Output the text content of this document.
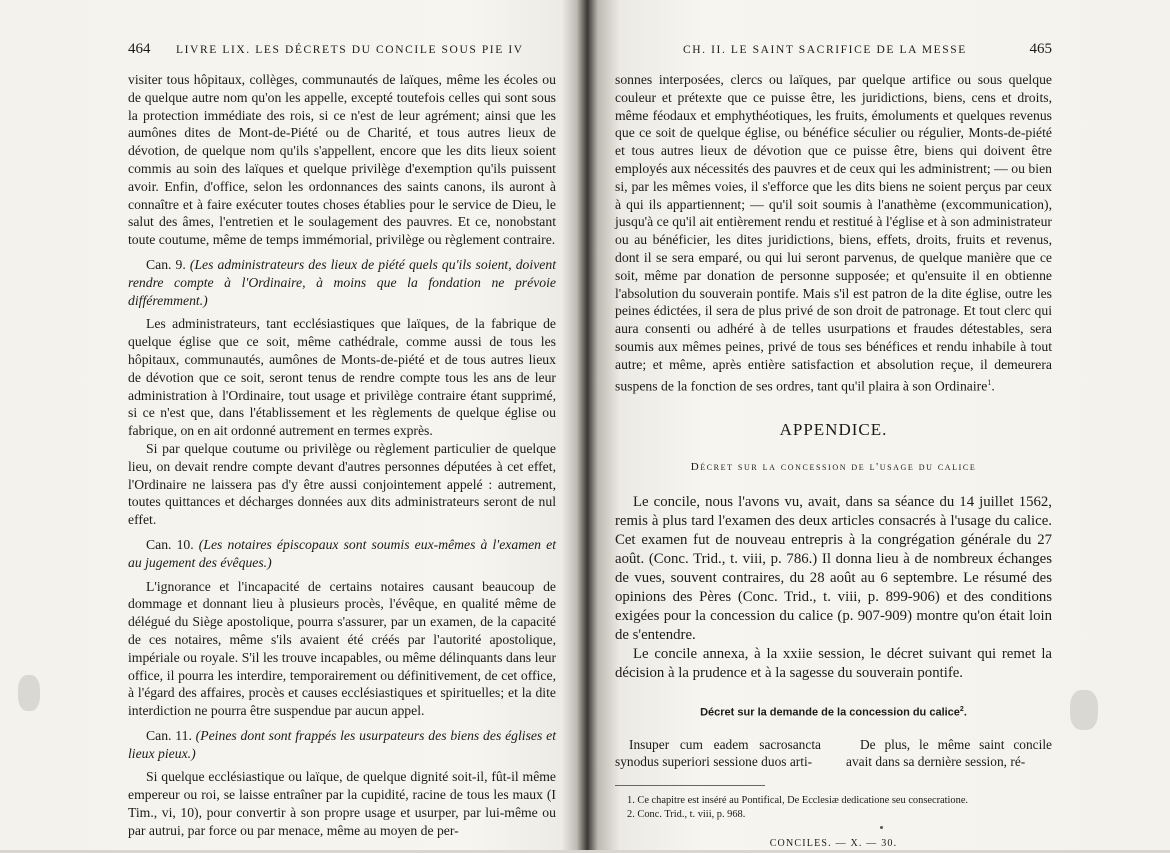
464 LIVRE LIX. LES DÉCRETS DU CONCILE SOUS PIE IV

visiter tous hôpitaux, collèges, communautés de laïques, même les écoles ou de quelque autre nom qu'on les appelle, excepté toutefois celles qui sont sous la protection immédiate des rois, si ce n'est de leur agrément; ainsi que les aumônes dites de Mont-de-Piété ou de Charité, et tous autres lieux de dévotion, de quelque nom qu'ils s'appellent, encore que les dits lieux soient commis au soin des laïques et quelque privilège d'exemption qu'ils puissent avoir. Enfin, d'office, selon les ordonnances des saints canons, ils auront à connaître et à faire exécuter toutes choses établies pour le service de Dieu, le salut des âmes, l'entretien et le soulagement des pauvres. Et ce, nonobstant toute coutume, même de temps immémorial, privilège ou règlement contraire.

Can. 9. (Les administrateurs des lieux de piété quels qu'ils soient, doivent rendre compte à l'Ordinaire, à moins que la fondation ne prévoie différemment.)

Les administrateurs, tant ecclésiastiques que laïques, de la fabrique de quelque église que ce soit, même cathédrale, comme aussi de tous les hôpitaux, communautés, aumônes de Monts-de-piété et de tous autres lieux de dévotion que ce soit, seront tenus de rendre compte tous les ans de leur administration à l'Ordinaire, tout usage et privilège contraire étant supprimé, si ce n'est que, dans l'établissement et les règlements de quelque église ou fabrique, on en ait ordonné autrement en termes exprès.

Si par quelque coutume ou privilège ou règlement particulier de quelque lieu, on devait rendre compte devant d'autres personnes députées à cet effet, l'Ordinaire ne laissera pas d'y être aussi conjointement appelé : autrement, toutes quittances et décharges données aux dits administrateurs seront de nul effet.

Can. 10. (Les notaires épiscopaux sont soumis eux-mêmes à l'examen et au jugement des évêques.)

L'ignorance et l'incapacité de certains notaires causant beaucoup de dommage et donnant lieu à plusieurs procès, l'évêque, en qualité même de délégué du Siège apostolique, pourra s'assurer, par un examen, de la capacité de ces notaires, même s'ils avaient été créés par l'autorité apostolique, impériale ou royale. S'il les trouve incapables, ou même délinquants dans leur office, il pourra les interdire, temporairement ou définitivement, de cet office, à l'égard des affaires, procès et causes ecclésiastiques et spirituelles; et la dite interdiction ne pourra être suspendue par aucun appel.

Can. 11. (Peines dont sont frappés les usurpateurs des biens des églises et lieux pieux.)

Si quelque ecclésiastique ou laïque, de quelque dignité soit-il, fût-il même empereur ou roi, se laisse entraîner par la cupidité, racine de tous les maux (I Tim., vi, 10), pour convertir à son propre usage et usurper, par lui-même ou par autrui, par force ou par menace, même au moyen de per-

CH. II. LE SAINT SACRIFICE DE LA MESSE	465

sonnes interposées, clercs ou laïques, par quelque artifice ou sous quelque couleur et prétexte que ce puisse être, les juridictions, biens, cens et droits, même féodaux et emphythéotiques, les fruits, émoluments et quelques revenus que ce soit de quelque église, ou bénéfice séculier ou régulier, Monts-de-piété et tous autres lieux de dévotion que ce puisse être, biens qui doivent être employés aux nécessités des pauvres et de ceux qui les administrent; — ou bien si, par les mêmes voies, il s'efforce que les dits biens ne soient perçus par ceux à qui ils appartiennent; — qu'il soit soumis à l'anathème (excommunication), jusqu'à ce qu'il ait entièrement rendu et restitué à l'église et à son administrateur ou au bénéficier, les dites juridictions, biens, effets, droits, fruits et revenus, dont il se sera emparé, ou qui lui seront parvenus, de quelque manière que ce soit, même par donation de personne supposée; et qu'ensuite il en obtienne l'absolution du souverain pontife. Mais s'il est patron de la dite église, outre les peines édictées, il sera de plus privé de son droit de patronage. Et tout clerc qui aura consenti ou adhéré à de telles usurpations et fraudes détestables, sera soumis aux mêmes peines, privé de tous ses bénéfices et rendu inhabile à tout autre; et même, après entière satisfaction et absolution reçue, il demeurera suspens de la fonction de ses ordres, tant qu'il plaira à son Ordinaire$^1$.

APPENDICE.
Décret sur la concession de l'usage du calice

Le concile, nous l'avons vu, avait, dans sa séance du 14 juillet 1562, remis à plus tard l'examen des deux articles consacrés à l'usage du calice. Cet examen fut de nouveau entrepris à la congrégation générale du 27 août. (Conc. Trid., t. viii, p. 786.) Il donna lieu à de nombreux échanges de vues, souvent contraires, du 28 août au 6 septembre. Le résumé des opinions des Pères (Conc. Trid., t. viii, p. 899-906) et des conditions exigées pour la concession du calice (p. 907-909) montre qu'on était loin de s'entendre.

Le concile annexa, à la xxiie session, le décret suivant qui remet la décision à la prudence et à la sagesse du souverain pontife.

Décret sur la demande de la concession du calice$^2$.
Insuper cum eadem sacrosancta synodus superiori sessione duos arti-
De plus, le même saint concile avait dans sa dernière session, ré-
1. Ce chapitre est inséré au Pontifical, De Ecclesiæ dedicatione seu consecratione.
2. Conc. Trid., t. viii, p. 968.
CONCILES. — X. — 30.
